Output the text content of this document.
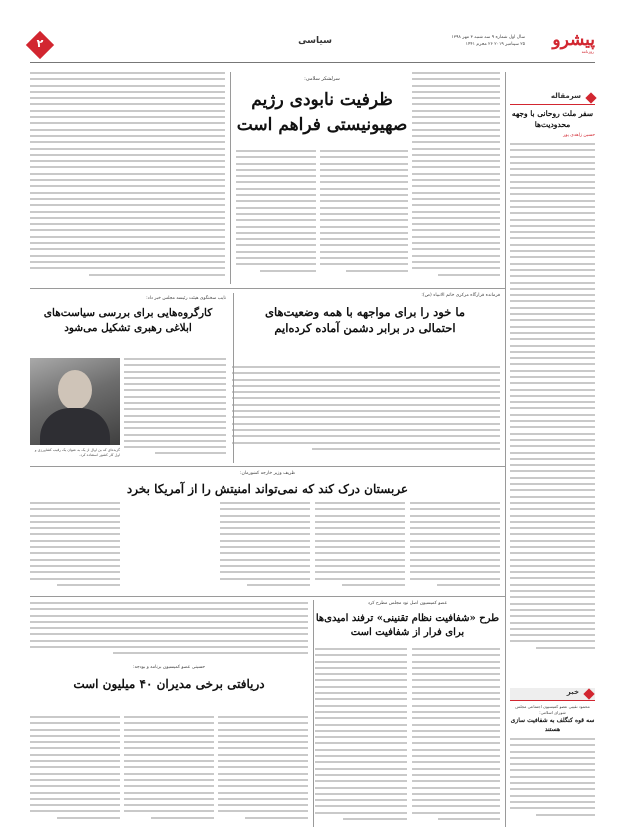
پیشرو
روزنامه
سال اول شماره ۹ سه شنبه ۳ مهر ۱۳۹۸
۲۵ سپتامبر ۲۰۱۹ ۲۶ محرم ۱۴۴۱
سیاسی
۲
سرمقاله
سفر ملت روحانی با وجهه محدودیت‌ها
حسین زاهدی پور
خبر
محمود نقیبی عضو کمیسیون اجتماعی مجلس شورای اسلامی:
سه قوه کنگلف به شفافیت سازی هستند
سرلشکر سلامی:
ظرفیت نابودی رژیم صهیونیستی فراهم است
فرمانده قرارگاه مرکزی خاتم الانبیاء (ص):
ما خود را برای مواجهه با همه وضعیت‌های احتمالی در برابر دشمن آماده کرده‌ایم
نایب سخنگوی هیئت رئیسه مجلس خبر داد:
کارگروه‌هایی برای بررسی سیاست‌های ابلاغی رهبری تشکیل می‌شود
گزیده‌ای که بن اوال از یک به عنوان یک رقیب کشاورزی و اول کار کشور استفاده کرد.
ظریف وزیر خارجه کشورمان:
عربستان درک کند که نمی‌تواند امنیتش را از آمریکا بخرد
عضو کمیسیون اصل نود مجلس مطرح کرد
طرح «شفافیت نظام تقنینی» ترفند امیدی‌ها برای فرار از شفافیت است
حسینی عضو کمیسیون برنامه و بودجه:
دریافتی برخی مدیران ۴۰ میلیون است
